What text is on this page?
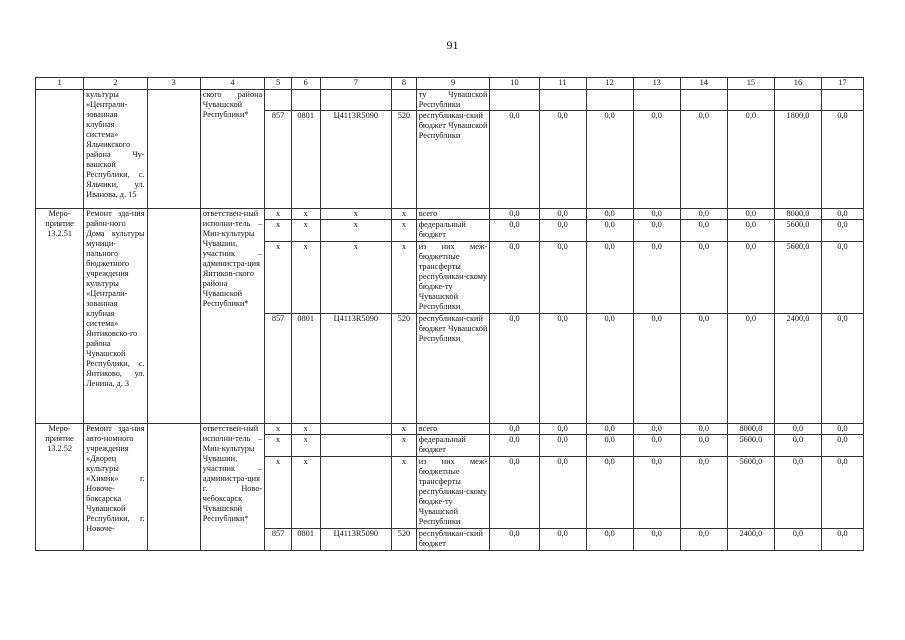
91
1	2	3	4	5	6	7	8	9	10	11	12	13	14	15	16	17
	культуры «Централи-зованная клубная система» Яльчикского района Чу-вашской Республики, с. Яльчики, ул. Иванова, д. 15		ского района Чувашской Республики*					ту Чувашской Республики								
				857	0801	Ц4113R5090	520	республикан-ский бюджет Чувашской Республики	0,0	0,0	0,0	0,0	0,0	0,0	1800,0	0,0
Меро-приятие 13.2.51	Ремонт зда-ния район-ного Дома культуры муници-пального бюджетного учреждения культуры «Централи-зованная клубная система» Янтиковско-го района Чувашской Республики, с. Янтиково, ул. Ленина, д. 3		ответствен-ный исполни-тель – Мин-культуры Чувашии, участник – администра-ция Янтиков-ского района Чувашской Республики*	x	x	x	x	всего	0,0	0,0	0,0	0,0	0,0	0,0	8000,0	0,0
				x	x	x	x	федеральный бюджет	0,0	0,0	0,0	0,0	0,0	0,0	5600,0	0,0
				x	x	x	x	из них меж-бюджетные трансферты республикан-скому бюдже-ту Чувашской Республики	0,0	0,0	0,0	0,0	0,0	0,0	5600,0	0,0
				857	0801	Ц4113R5090	520	республикан-ский бюджет Чувашской Республики	0,0	0,0	0,0	0,0	0,0	0,0	2400,0	0,0
Меро-приятие 13.2.52	Ремонт зда-ния авто-номного учреждения «Дворец культуры «Химик» г. Новоче-боксарска Чувашской Республики, г. Новоче-		ответствен-ный исполни-тель – Мин-культуры Чувашии, участник – администра-ция г. Ново-чебоксарск Чувашской Республики*	x	x		x	всего	0,0	0,0	0,0	0,0	0,0	8000,0	0,0	0,0
				x	x		x	федеральный бюджет	0,0	0,0	0,0	0,0	0,0	5600,0	0,0	0,0
				x	x		x	из них меж-бюджетные трансферты республикан-скому бюдже-ту Чувашской Республики	0,0	0,0	0,0	0,0	0,0	5600,0	0,0	0,0
				857	0801	Ц4113R5090	520	республикан-ский бюджет	0,0	0,0	0,0	0,0	0,0	2400,0	0,0	0,0
